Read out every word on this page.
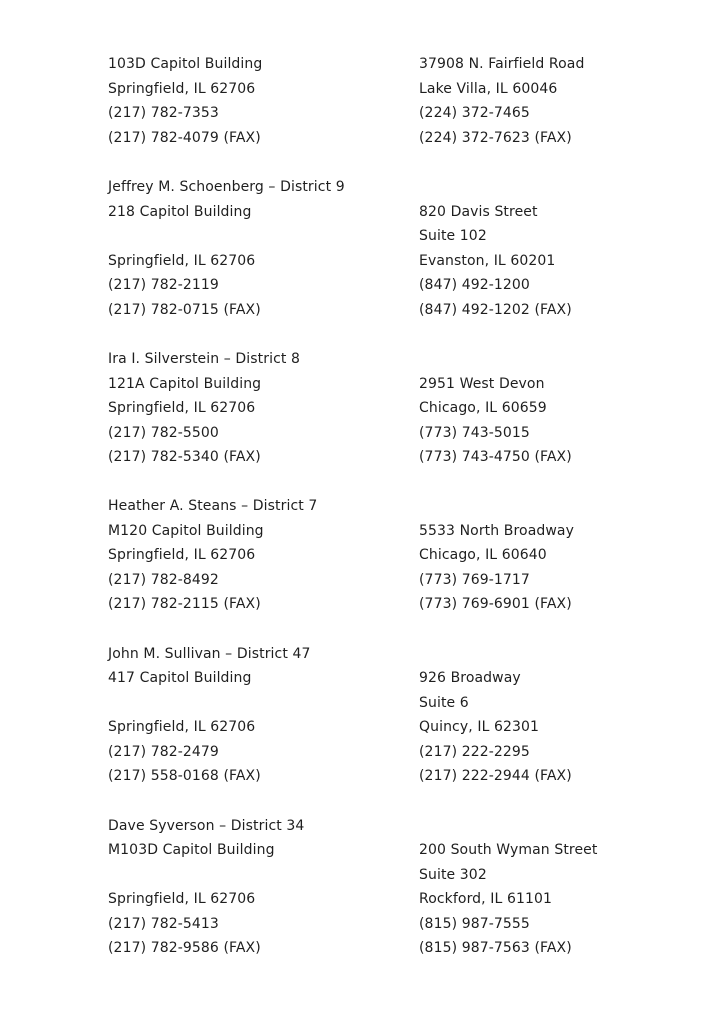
103D Capitol Building
Springfield, IL 62706
(217) 782-7353
(217) 782-4079 (FAX)
37908 N. Fairfield Road
Lake Villa, IL 60046
(224) 372-7465
(224) 372-7623 (FAX)
Jeffrey M. Schoenberg – District 9
218 Capitol Building
Springfield, IL 62706
(217) 782-2119
(217) 782-0715 (FAX)
820 Davis Street
Suite 102
Evanston, IL 60201
(847) 492-1200
(847) 492-1202 (FAX)
Ira I. Silverstein – District 8
121A Capitol Building
Springfield, IL 62706
(217) 782-5500
(217) 782-5340 (FAX)
2951 West Devon
Chicago, IL 60659
(773) 743-5015
(773) 743-4750 (FAX)
Heather A. Steans – District 7
M120 Capitol Building
Springfield, IL 62706
(217) 782-8492
(217) 782-2115 (FAX)
5533 North Broadway
Chicago, IL 60640
(773) 769-1717
(773) 769-6901 (FAX)
John M. Sullivan – District 47
417 Capitol Building
Springfield, IL 62706
(217) 782-2479
(217) 558-0168 (FAX)
926 Broadway
Suite 6
Quincy, IL 62301
(217) 222-2295
(217) 222-2944 (FAX)
Dave Syverson – District 34
M103D Capitol Building
Springfield, IL 62706
(217) 782-5413
(217) 782-9586 (FAX)
200 South Wyman Street
Suite 302
Rockford, IL 61101
(815) 987-7555
(815) 987-7563 (FAX)
